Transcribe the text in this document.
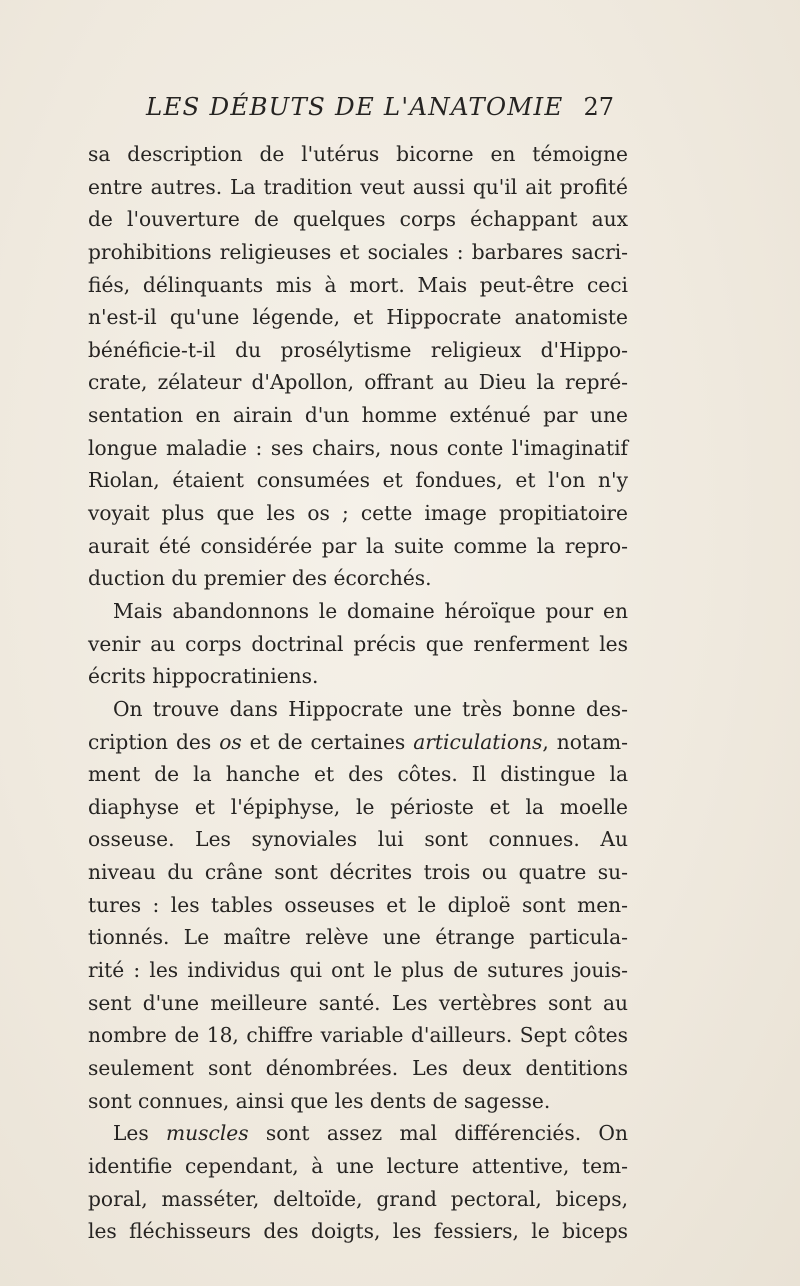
LES DÉBUTS DE L'ANATOMIE 27
sa description de l'utérus bicorne en témoigne
entre autres. La tradition veut aussi qu'il ait profité
de l'ouverture de quelques corps échappant aux
prohibitions religieuses et sociales : barbares sacri-
fiés, délinquants mis à mort. Mais peut-être ceci
n'est-il qu'une légende, et Hippocrate anatomiste
bénéficie-t-il du prosélytisme religieux d'Hippo-
crate, zélateur d'Apollon, offrant au Dieu la repré-
sentation en airain d'un homme exténué par une
longue maladie : ses chairs, nous conte l'imaginatif
Riolan, étaient consumées et fondues, et l'on n'y
voyait plus que les os ; cette image propitiatoire
aurait été considérée par la suite comme la repro-
duction du premier des écorchés.
Mais abandonnons le domaine héroïque pour en
venir au corps doctrinal précis que renferment les
écrits hippocratiniens.
On trouve dans Hippocrate une très bonne des-
cription des os et de certaines articulations, notam-
ment de la hanche et des côtes. Il distingue la
diaphyse et l'épiphyse, le périoste et la moelle
osseuse. Les synoviales lui sont connues. Au
niveau du crâne sont décrites trois ou quatre su-
tures : les tables osseuses et le diploë sont men-
tionnés. Le maître relève une étrange particula-
rité : les individus qui ont le plus de sutures jouis-
sent d'une meilleure santé. Les vertèbres sont au
nombre de 18, chiffre variable d'ailleurs. Sept côtes
seulement sont dénombrées. Les deux dentitions
sont connues, ainsi que les dents de sagesse.
Les muscles sont assez mal différenciés. On
identifie cependant, à une lecture attentive, tem-
poral, masséter, deltoïde, grand pectoral, biceps,
les fléchisseurs des doigts, les fessiers, le biceps
